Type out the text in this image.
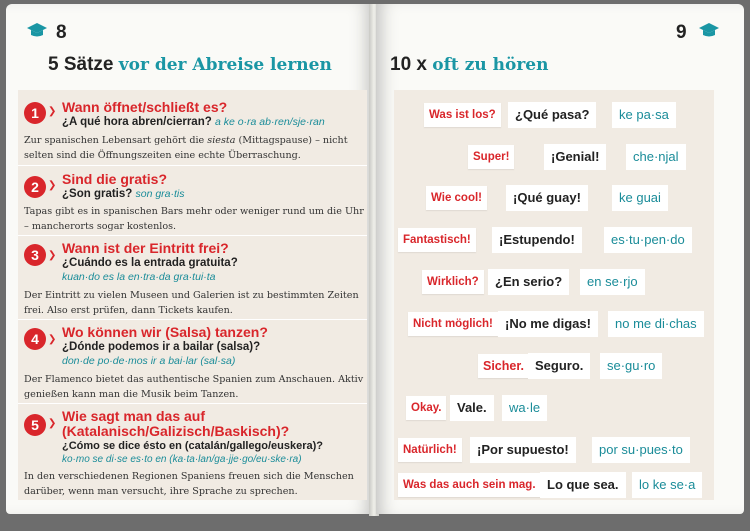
8
5 Sätze vor der Abreise lernen
1 ❯ Wann öffnet/schließt es?
¿A qué hora abren/cierran? a ke o·ra ab·ren/sje·ran
Zur spanischen Lebensart gehört die siesta (Mittagspause) – nicht selten sind die Öffnungszeiten eine echte Überraschung.
2 ❯ Sind die gratis?
¿Son gratis? son gra·tis
Tapas gibt es in spanischen Bars mehr oder weniger rund um die Uhr – mancherorts sogar kostenlos.
3 ❯ Wann ist der Eintritt frei?
¿Cuándo es la entrada gratuita?
kuan·do es la en·tra·da gra·tui·ta
Der Eintritt zu vielen Museen und Galerien ist zu bestimmten Zeiten frei. Also erst prüfen, dann Tickets kaufen.
4 ❯ Wo können wir (Salsa) tanzen?
¿Dónde podemos ir a bailar (salsa)?
don·de po·de·mos ir a bai·lar (sal·sa)
Der Flamenco bietet das authentische Spanien zum Anschauen. Aktiv genießen kann man die Musik beim Tanzen.
5 ❯ Wie sagt man das auf
(Katalanisch/Galizisch/Baskisch)?
¿Cómo se dice ésto en (catalán/gallego/euskera)?
ko·mo se di·se es·to en (ka·ta·lan/ga·jje·go/eu·ske·ra)
In den verschiedenen Regionen Spaniens freuen sich die Menschen darüber, wenn man versucht, ihre Sprache zu sprechen.
9
10 x oft zu hören
Was ist los?	¿Qué pasa?	ke pa·sa
Super!	¡Genial!	che·njal
Wie cool!	¡Qué guay!	ke guai
Fantastisch!	¡Estupendo!	es·tu·pen·do
Wirklich?	¿En serio?	en se·rjo
Nicht möglich! ¡No me digas!	no me di·chas
Sicher. Seguro.	se·gu·ro
Okay.	Vale.	wa·le
Natürlich!	¡Por supuesto!	por su·pues·to
Was das auch sein mag. Lo que sea.	lo ke se·a
